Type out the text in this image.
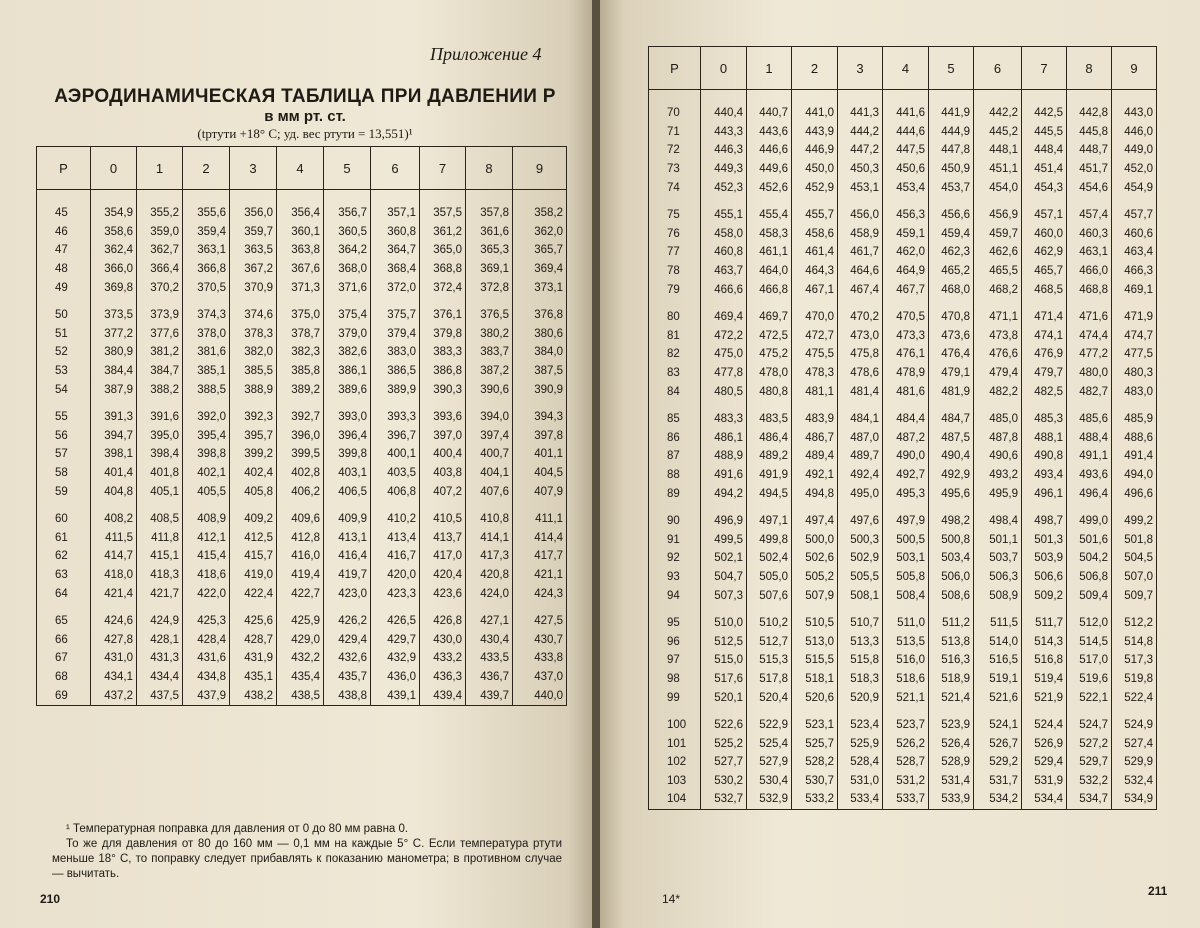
Приложение 4
АЭРОДИНАМИЧЕСКАЯ ТАБЛИЦА ПРИ ДАВЛЕНИИ Р
в мм рт. ст.
(tртути +18° С; уд. вес ртути = 13,551)¹
Р	0	1	2	3	4	5	6	7	8	9

45	354,9	355,2	355,6	356,0	356,4	356,7	357,1	357,5	357,8	358,2
46	358,6	359,0	359,4	359,7	360,1	360,5	360,8	361,2	361,6	362,0
47	362,4	362,7	363,1	363,5	363,8	364,2	364,7	365,0	365,3	365,7
48	366,0	366,4	366,8	367,2	367,6	368,0	368,4	368,8	369,1	369,4
49	369,8	370,2	370,5	370,9	371,3	371,6	372,0	372,4	372,8	373,1
50	373,5	373,9	374,3	374,6	375,0	375,4	375,7	376,1	376,5	376,8
51	377,2	377,6	378,0	378,3	378,7	379,0	379,4	379,8	380,2	380,6
52	380,9	381,2	381,6	382,0	382,3	382,6	383,0	383,3	383,7	384,0
53	384,4	384,7	385,1	385,5	385,8	386,1	386,5	386,8	387,2	387,5
54	387,9	388,2	388,5	388,9	389,2	389,6	389,9	390,3	390,6	390,9
55	391,3	391,6	392,0	392,3	392,7	393,0	393,3	393,6	394,0	394,3
56	394,7	395,0	395,4	395,7	396,0	396,4	396,7	397,0	397,4	397,8
57	398,1	398,4	398,8	399,2	399,5	399,8	400,1	400,4	400,7	401,1
58	401,4	401,8	402,1	402,4	402,8	403,1	403,5	403,8	404,1	404,5
59	404,8	405,1	405,5	405,8	406,2	406,5	406,8	407,2	407,6	407,9
60	408,2	408,5	408,9	409,2	409,6	409,9	410,2	410,5	410,8	411,1
61	411,5	411,8	412,1	412,5	412,8	413,1	413,4	413,7	414,1	414,4
62	414,7	415,1	415,4	415,7	416,0	416,4	416,7	417,0	417,3	417,7
63	418,0	418,3	418,6	419,0	419,4	419,7	420,0	420,4	420,8	421,1
64	421,4	421,7	422,0	422,4	422,7	423,0	423,3	423,6	424,0	424,3
65	424,6	424,9	425,3	425,6	425,9	426,2	426,5	426,8	427,1	427,5
66	427,8	428,1	428,4	428,7	429,0	429,4	429,7	430,0	430,4	430,7
67	431,0	431,3	431,6	431,9	432,2	432,6	432,9	433,2	433,5	433,8
68	434,1	434,4	434,8	435,1	435,4	435,7	436,0	436,3	436,7	437,0
69	437,2	437,5	437,9	438,2	438,5	438,8	439,1	439,4	439,7	440,0

¹ Температурная поправка для давления от 0 до 80 мм равна 0.

То же для давления от 80 до 160 мм — 0,1 мм на каждые 5° С. Если температура ртути меньше 18° С, то поправку следует прибавлять к показанию манометра; в противном случае — вычитать.

210
Р	0	1	2	3	4	5	6	7	8	9

70	440,4	440,7	441,0	441,3	441,6	441,9	442,2	442,5	442,8	443,0
71	443,3	443,6	443,9	444,2	444,6	444,9	445,2	445,5	445,8	446,0
72	446,3	446,6	446,9	447,2	447,5	447,8	448,1	448,4	448,7	449,0
73	449,3	449,6	450,0	450,3	450,6	450,9	451,1	451,4	451,7	452,0
74	452,3	452,6	452,9	453,1	453,4	453,7	454,0	454,3	454,6	454,9
75	455,1	455,4	455,7	456,0	456,3	456,6	456,9	457,1	457,4	457,7
76	458,0	458,3	458,6	458,9	459,1	459,4	459,7	460,0	460,3	460,6
77	460,8	461,1	461,4	461,7	462,0	462,3	462,6	462,9	463,1	463,4
78	463,7	464,0	464,3	464,6	464,9	465,2	465,5	465,7	466,0	466,3
79	466,6	466,8	467,1	467,4	467,7	468,0	468,2	468,5	468,8	469,1
80	469,4	469,7	470,0	470,2	470,5	470,8	471,1	471,4	471,6	471,9
81	472,2	472,5	472,7	473,0	473,3	473,6	473,8	474,1	474,4	474,7
82	475,0	475,2	475,5	475,8	476,1	476,4	476,6	476,9	477,2	477,5
83	477,8	478,0	478,3	478,6	478,9	479,1	479,4	479,7	480,0	480,3
84	480,5	480,8	481,1	481,4	481,6	481,9	482,2	482,5	482,7	483,0
85	483,3	483,5	483,9	484,1	484,4	484,7	485,0	485,3	485,6	485,9
86	486,1	486,4	486,7	487,0	487,2	487,5	487,8	488,1	488,4	488,6
87	488,9	489,2	489,4	489,7	490,0	490,4	490,6	490,8	491,1	491,4
88	491,6	491,9	492,1	492,4	492,7	492,9	493,2	493,4	493,6	494,0
89	494,2	494,5	494,8	495,0	495,3	495,6	495,9	496,1	496,4	496,6
90	496,9	497,1	497,4	497,6	497,9	498,2	498,4	498,7	499,0	499,2
91	499,5	499,8	500,0	500,3	500,5	500,8	501,1	501,3	501,6	501,8
92	502,1	502,4	502,6	502,9	503,1	503,4	503,7	503,9	504,2	504,5
93	504,7	505,0	505,2	505,5	505,8	506,0	506,3	506,6	506,8	507,0
94	507,3	507,6	507,9	508,1	508,4	508,6	508,9	509,2	509,4	509,7
95	510,0	510,2	510,5	510,7	511,0	511,2	511,5	511,7	512,0	512,2
96	512,5	512,7	513,0	513,3	513,5	513,8	514,0	514,3	514,5	514,8
97	515,0	515,3	515,5	515,8	516,0	516,3	516,5	516,8	517,0	517,3
98	517,6	517,8	518,1	518,3	518,6	518,9	519,1	519,4	519,6	519,8
99	520,1	520,4	520,6	520,9	521,1	521,4	521,6	521,9	522,1	522,4
100	522,6	522,9	523,1	523,4	523,7	523,9	524,1	524,4	524,7	524,9
101	525,2	525,4	525,7	525,9	526,2	526,4	526,7	526,9	527,2	527,4
102	527,7	527,9	528,2	528,4	528,7	528,9	529,2	529,4	529,7	529,9
103	530,2	530,4	530,7	531,0	531,2	531,4	531,7	531,9	532,2	532,4
104	532,7	532,9	533,2	533,4	533,7	533,9	534,2	534,4	534,7	534,9
14*
211
